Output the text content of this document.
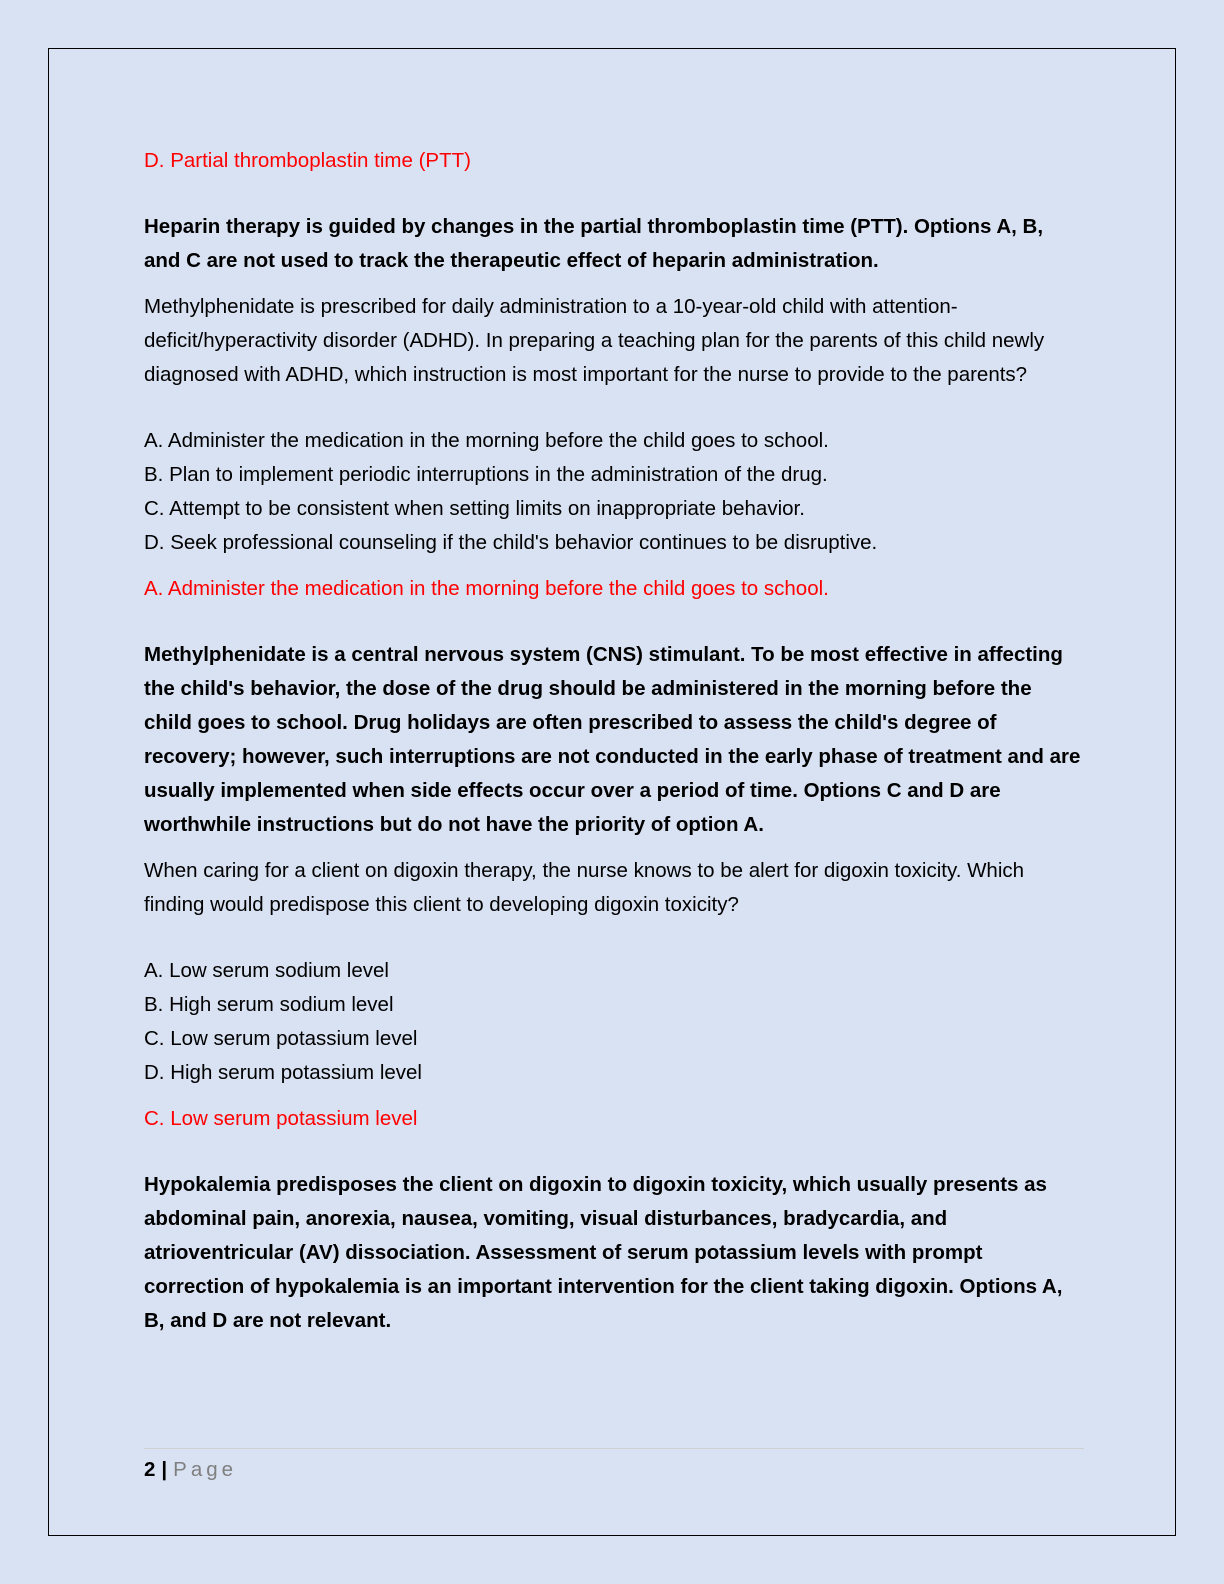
D. Partial thromboplastin time (PTT)

Heparin therapy is guided by changes in the partial thromboplastin time (PTT). Options A, B, and C are not used to track the therapeutic effect of heparin administration.

Methylphenidate is prescribed for daily administration to a 10-year-old child with attention-deficit/hyperactivity disorder (ADHD). In preparing a teaching plan for the parents of this child newly diagnosed with ADHD, which instruction is most important for the nurse to provide to the parents?

A. Administer the medication in the morning before the child goes to school.

B. Plan to implement periodic interruptions in the administration of the drug.

C. Attempt to be consistent when setting limits on inappropriate behavior.

D. Seek professional counseling if the child's behavior continues to be disruptive.

A. Administer the medication in the morning before the child goes to school.

Methylphenidate is a central nervous system (CNS) stimulant. To be most effective in affecting the child's behavior, the dose of the drug should be administered in the morning before the child goes to school. Drug holidays are often prescribed to assess the child's degree of recovery; however, such interruptions are not conducted in the early phase of treatment and are usually implemented when side effects occur over a period of time. Options C and D are worthwhile instructions but do not have the priority of option A.

When caring for a client on digoxin therapy, the nurse knows to be alert for digoxin toxicity. Which finding would predispose this client to developing digoxin toxicity?

A. Low serum sodium level

B. High serum sodium level

C. Low serum potassium level

D. High serum potassium level

C. Low serum potassium level

Hypokalemia predisposes the client on digoxin to digoxin toxicity, which usually presents as abdominal pain, anorexia, nausea, vomiting, visual disturbances, bradycardia, and atrioventricular (AV) dissociation. Assessment of serum potassium levels with prompt correction of hypokalemia is an important intervention for the client taking digoxin. Options A, B, and D are not relevant.

2 | Page
